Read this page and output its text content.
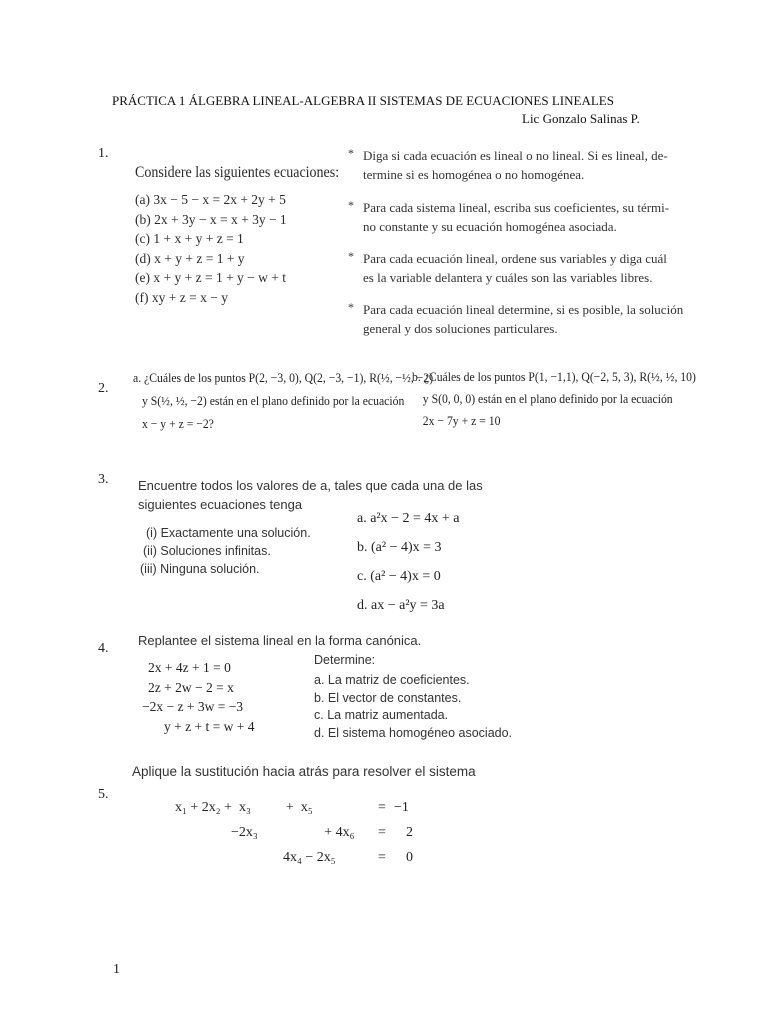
PRÁCTICA 1 ÁLGEBRA LINEAL-ALGEBRA II SISTEMAS DE ECUACIONES LINEALES
Lic Gonzalo Salinas P.
1.
Considere las siguientes ecuaciones:
(a) 3x − 5 − x = 2x + 2y + 5
(b) 2x + 3y − x = x + 3y − 1
(c) 1 + x + y + z = 1
(d) x + y + z = 1 + y
(e) x + y + z = 1 + y − w + t
(f) xy + z = x − y
* Diga si cada ecuación es lineal o no lineal. Si es lineal, de-
termine si es homogénea o no homogénea.
* Para cada sistema lineal, escriba sus coeficientes, su térmi-
no constante y su ecuación homogénea asociada.
* Para cada ecuación lineal, ordene sus variables y diga cuál
es la variable delantera y cuáles son las variables libres.
* Para cada ecuación lineal determine, si es posible, la solución
general y dos soluciones particulares.
2.
a. ¿Cuáles de los puntos P(2, −3, 0), Q(2, −3, −1), R(½, −½, −2)
y S(½, ½, −2) están en el plano definido por la ecuación
x − y + z = −2?
b. ¿Cuáles de los puntos P(1, −1,1), Q(−2, 5, 3), R(½, ½, 10)
y S(0, 0, 0) están en el plano definido por la ecuación
2x − 7y + z = 10
3. Encuentre todos los valores de a, tales que cada una de las
siguientes ecuaciones tenga
(i) Exactamente una solución.
(ii) Soluciones infinitas.
(iii) Ninguna solución.
a. a²x − 2 = 4x + a
b. (a² − 4)x = 3
c. (a² − 4)x = 0
d. ax − a²y = 3a
4.
Replantee el sistema lineal en la forma canónica.
2x + 4z + 1 = 0
2z + 2w − 2 = x
−2x − z + 3w = −3
y + z + t = w + 4
Determine:
a. La matriz de coeficientes.
b. El vector de constantes.
c. La matriz aumentada.
d. El sistema homogéneo asociado.
Aplique la sustitución hacia atrás para resolver el sistema
5.
x₁ + 2x₂ +  x₃          +  x₅	= −1
−2x₃                   + 4x₆ = 2
4x₄ − 2x₅	= 0
1
